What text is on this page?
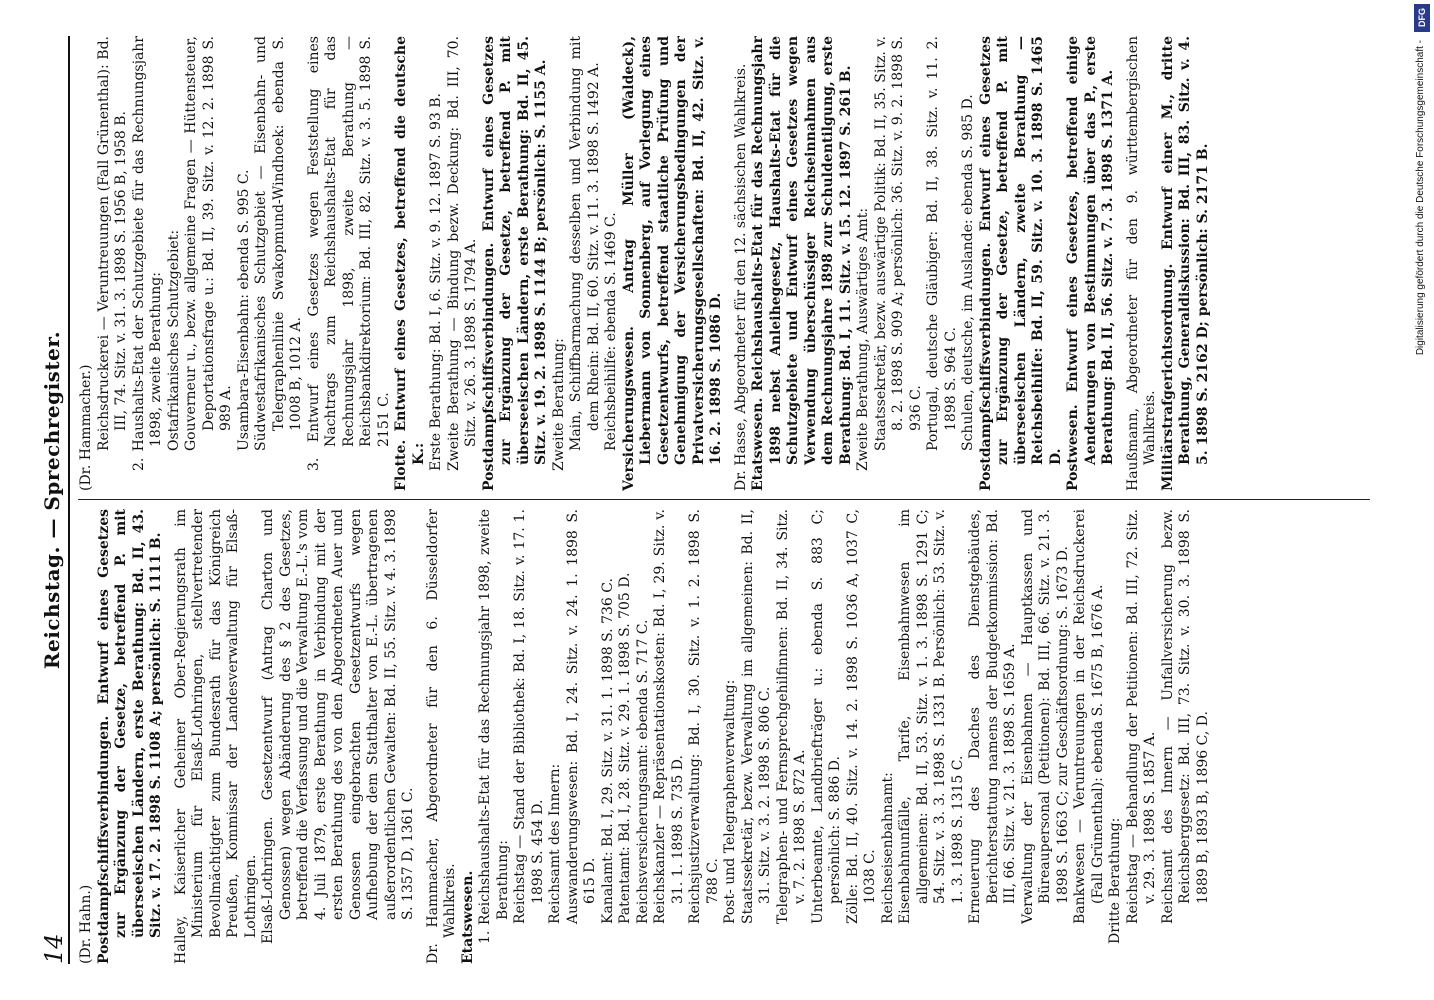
14
Reichstag. — Sprechregister.

(Dr. Hahn.) Postdampfschiffsverbindungen. Entwurf eines Gesetzes zur Ergänzung der Gesetze, betreffend P. mit überseeischen Ländern, erste Berathung: Bd. II, 43. Sitz. v. 17. 2. 1898 S. 1108 A; persönlich: S. 1111 B. Halley, Kaiserlicher Geheimer Ober-Regierungsrath im Ministerium für Elsaß-Lothringen, stellvertretender Bevollmächtigter zum Bundesrath für das Königreich Preußen, Kommissar der Landesverwaltung für Elsaß-Lothringen. Elsaß-Lothringen. Gesetzentwurf (Antrag Charton und Genossen) wegen Abänderung des § 2 des Gesetzes, betreffend die Verfassung und die Verwaltung E.-L.'s vom 4. Juli 1879, erste Berathung in Verbindung mit der ersten Berathung des von den Abgeordneten Auer und Genossen eingebrachten Gesetzentwurfs wegen Aufhebung der dem Statthalter von E.-L. übertragenen außerordentlichen Gewalten: Bd. II, 55. Sitz. v. 4. 3. 1898 S. 1357 D, 1361 C. Dr. Hammacher, Abgeordneter für den 6. Düsseldorfer Wahlkreis. Etatswesen. 1. Reichshaushalts-Etat für das Rechnungsjahr 1898, zweite Berathung: Reichstag — Stand der Bibliothek: Bd. I, 18. Sitz. v. 17. 1. 1898 S. 454 D. Reichsamt des Innern: Auswanderungswesen: Bd. I, 24. Sitz. v. 24. 1. 1898 S. 615 D. Kanalamt: Bd. I, 29. Sitz. v. 31. 1. 1898 S. 736 C. Patentamt: Bd. I, 28. Sitz. v. 29. 1. 1898 S. 705 D. Reichsversicherungsamt: ebenda S. 717 C. Reichskanzler — Repräsentationskosten: Bd. I, 29. Sitz. v. 31. 1. 1898 S. 735 D. Reichsjustizverwaltung: Bd. I, 30. Sitz. v. 1. 2. 1898 S. 788 C. Post- und Telegraphenverwaltung: Staatssekretär, bezw. Verwaltung im allgemeinen: Bd. II, 31. Sitz. v. 3. 2. 1898 S. 806 C. Telegraphen- und Fernsprechgehilfinnen: Bd. II, 34. Sitz. v. 7. 2. 1898 S. 872 A. Unterbeamte, Landbriefträger u.: ebenda S. 883 C; persönlich: S. 886 D. Zölle: Bd. II, 40. Sitz. v. 14. 2. 1898 S. 1036 A, 1037 C, 1038 C. Reichseisenbahnamt: Eisenbahnunfälle, Tarife, Eisenbahnwesen im allgemeinen: Bd. II, 53. Sitz. v. 1. 3. 1898 S. 1291 C; 54. Sitz. v. 3. 3. 1898 S. 1331 B. Persönlich: 53. Sitz. v. 1. 3. 1898 S. 1315 C. Erneuerung des Daches des Dienstgebäudes, Berichterstattung namens der Budgetkommission: Bd. III, 66. Sitz. v. 21. 3. 1898 S. 1659 A. Verwaltung der Eisenbahnen — Hauptkassen und Büreaupersonal (Petitionen): Bd. III, 66. Sitz. v. 21. 3. 1898 S. 1663 C; zur Geschäftsordnung: S. 1673 D. Bankwesen — Veruntreuungen in der Reichsdruckerei (Fall Grünenthal): ebenda S. 1675 B, 1676 A. Dritte Berathung: Reichstag — Behandlung der Petitionen: Bd. III, 72. Sitz. v. 29. 3. 1898 S. 1857 A. Reichsamt des Innern — Unfallversicherung bezw. Reichsberggesetz: Bd. III, 73. Sitz. v. 30. 3. 1898 S. 1889 B, 1893 B, 1896 C, D.

(Dr. Hammacher.) Reichsdruckerei — Veruntreuungen (Fall Grünenthal): Bd. III, 74. Sitz. v. 31. 3. 1898 S. 1956 B, 1958 B. 2. Haushalts-Etat der Schutzgebiete für das Rechnungsjahr 1898, zweite Berathung: Ostafrikanisches Schutzgebiet: Gouverneur u., bezw. allgemeine Fragen — Hüttensteuer, Deportationsfrage u.: Bd. II, 39. Sitz. v. 12. 2. 1898 S. 989 A. Usambara-Eisenbahn: ebenda S. 995 C. Südwestafrikanisches Schutzgebiet — Eisenbahn- und Telegraphenlinie Swakopmund-Windhoek: ebenda S. 1008 B, 1012 A. 3. Entwurf eines Gesetzes wegen Feststellung eines Nachtrags zum Reichshaushalts-Etat für das Rechnungsjahr 1898, zweite Berathung — Reichsbankdirektorium: Bd. III, 82. Sitz. v. 3. 5. 1898 S. 2151 C. Flotte. Entwurf eines Gesetzes, betreffend die deutsche K.: Erste Berathung: Bd. I, 6. Sitz. v. 9. 12. 1897 S. 93 B. Zweite Berathung — Bindung bezw. Deckung: Bd. III, 70. Sitz. v. 26. 3. 1898 S. 1794 A. Postdampfschiffsverbindungen. Entwurf eines Gesetzes zur Ergänzung der Gesetze, betreffend P. mit überseeischen Ländern, erste Berathung: Bd. II, 45. Sitz. v. 19. 2. 1898 S. 1144 B; persönlich: S. 1155 A. Zweite Berathung: Main, Schiffbarmachung desselben und Verbindung mit dem Rhein: Bd. II, 60. Sitz. v. 11. 3. 1898 S. 1492 A. Reichsbeihilfe: ebenda S. 1469 C. Versicherungswesen. Antrag Müller (Waldeck), Liebermann von Sonnenberg, auf Vorlegung eines Gesetzentwurfs, betreffend staatliche Prüfung und Genehmigung der Versicherungsbedingungen der Privatversicherungsgesellschaften: Bd. II, 42. Sitz. v. 16. 2. 1898 S. 1086 D. Dr. Hasse, Abgeordneter für den 12. sächsischen Wahlkreis. Etatswesen. Reichshaushalts-Etat für das Rechnungsjahr 1898 nebst Anleihegesetz, Haushalts-Etat für die Schutzgebiete und Entwurf eines Gesetzes wegen Verwendung überschüssiger Reichseinnahmen aus dem Rechnungsjahre 1898 zur Schuldentilgung, erste Berathung: Bd. I, 11. Sitz. v. 15. 12. 1897 S. 261 B. Zweite Berathung, Auswärtiges Amt: Staatssekretär, bezw. auswärtige Politik: Bd. II, 35. Sitz. v. 8. 2. 1898 S. 909 A; persönlich: 36. Sitz. v. 9. 2. 1898 S. 936 C. Portugal, deutsche Gläubiger: Bd. II, 38. Sitz. v. 11. 2. 1898 S. 964 C. Schulen, deutsche, im Auslande: ebenda S. 985 D. Postdampfschiffsverbindungen. Entwurf eines Gesetzes zur Ergänzung der Gesetze, betreffend P. mit überseeischen Ländern, zweite Berathung — Reichsbeihilfe: Bd. II, 59. Sitz. v. 10. 3. 1898 S. 1465 D. Postwesen. Entwurf eines Gesetzes, betreffend einige Aenderungen von Bestimmungen über das P., erste Berathung: Bd. II, 56. Sitz. v. 7. 3. 1898 S. 1371 A. Haußmann, Abgeordneter für den 9. württembergischen Wahlkreis. Militärstrafgerichtsordnung. Entwurf einer M., dritte Berathung, Generaldiskussion: Bd. III, 83. Sitz. v. 4. 5. 1898 S. 2162 D; persönlich: S. 2171 B.

DFG
Digitalisierung gefördert durch die Deutsche Forschungsgemeinschaft -
